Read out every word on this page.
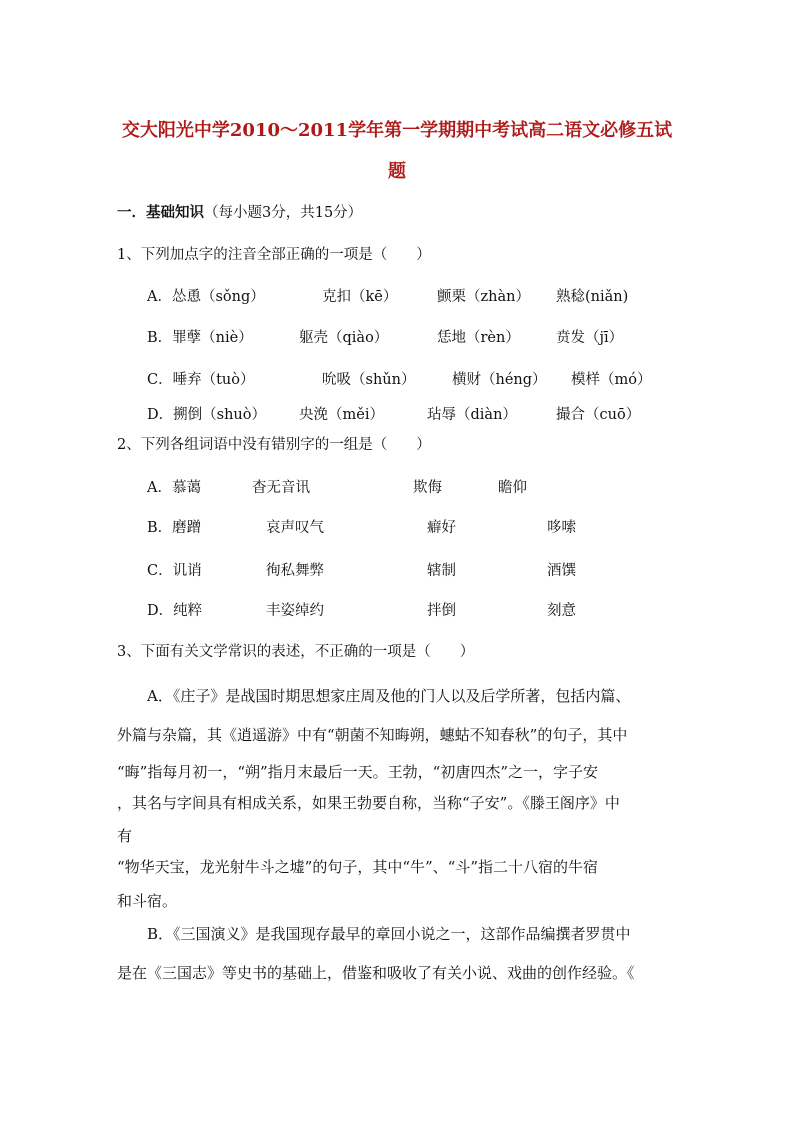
交大阳光中学2010～2011学年第一学期期中考试高二语文必修五试
题
一．基础知识（每小题3分，共15分）
1、下列加点字的注音全部正确的一项是（　　）
A．怂恿（sǒng）	克扣（kē）	颤栗（zhàn） 熟稔(niǎn)
B．罪孽（niè）	躯壳（qiào）	恁地（rèn） 贲发（jī）
C．唾弃（tuò）	吮吸（shǔn）	横财（héng） 模样（mó）
D．搠倒（shuò） 央浼（měi）	玷辱（diàn）	撮合（cuō）
2、下列各组词语中没有错别字的一组是（　　）
A．慕蔼	杳无音讯	欺侮	瞻仰
B．磨蹭	哀声叹气	癖好	哆嗦
C．讥诮	徇私舞弊	辖制	酒馔
D．纯粹	丰姿绰约	拌倒	刻意
3、下面有关文学常识的表述，不正确的一项是（　　）
A．《庄子》是战国时期思想家庄周及他的门人以及后学所著，包括内篇、
外篇与杂篇，其《逍遥游》中有“朝菌不知晦朔，蟪蛄不知春秋”的句子，其中
“晦”指每月初一，“朔”指月末最后一天。王勃，“初唐四杰”之一，字子安
，其名与字间具有相成关系，如果王勃要自称，当称“子安”。《滕王阁序》中
有
“物华天宝，龙光射牛斗之墟”的句子，其中“牛”、“斗”指二十八宿的牛宿
和斗宿。
B．《三国演义》是我国现存最早的章回小说之一，这部作品编撰者罗贯中
是在《三国志》等史书的基础上，借鉴和吸收了有关小说、戏曲的创作经验。《
